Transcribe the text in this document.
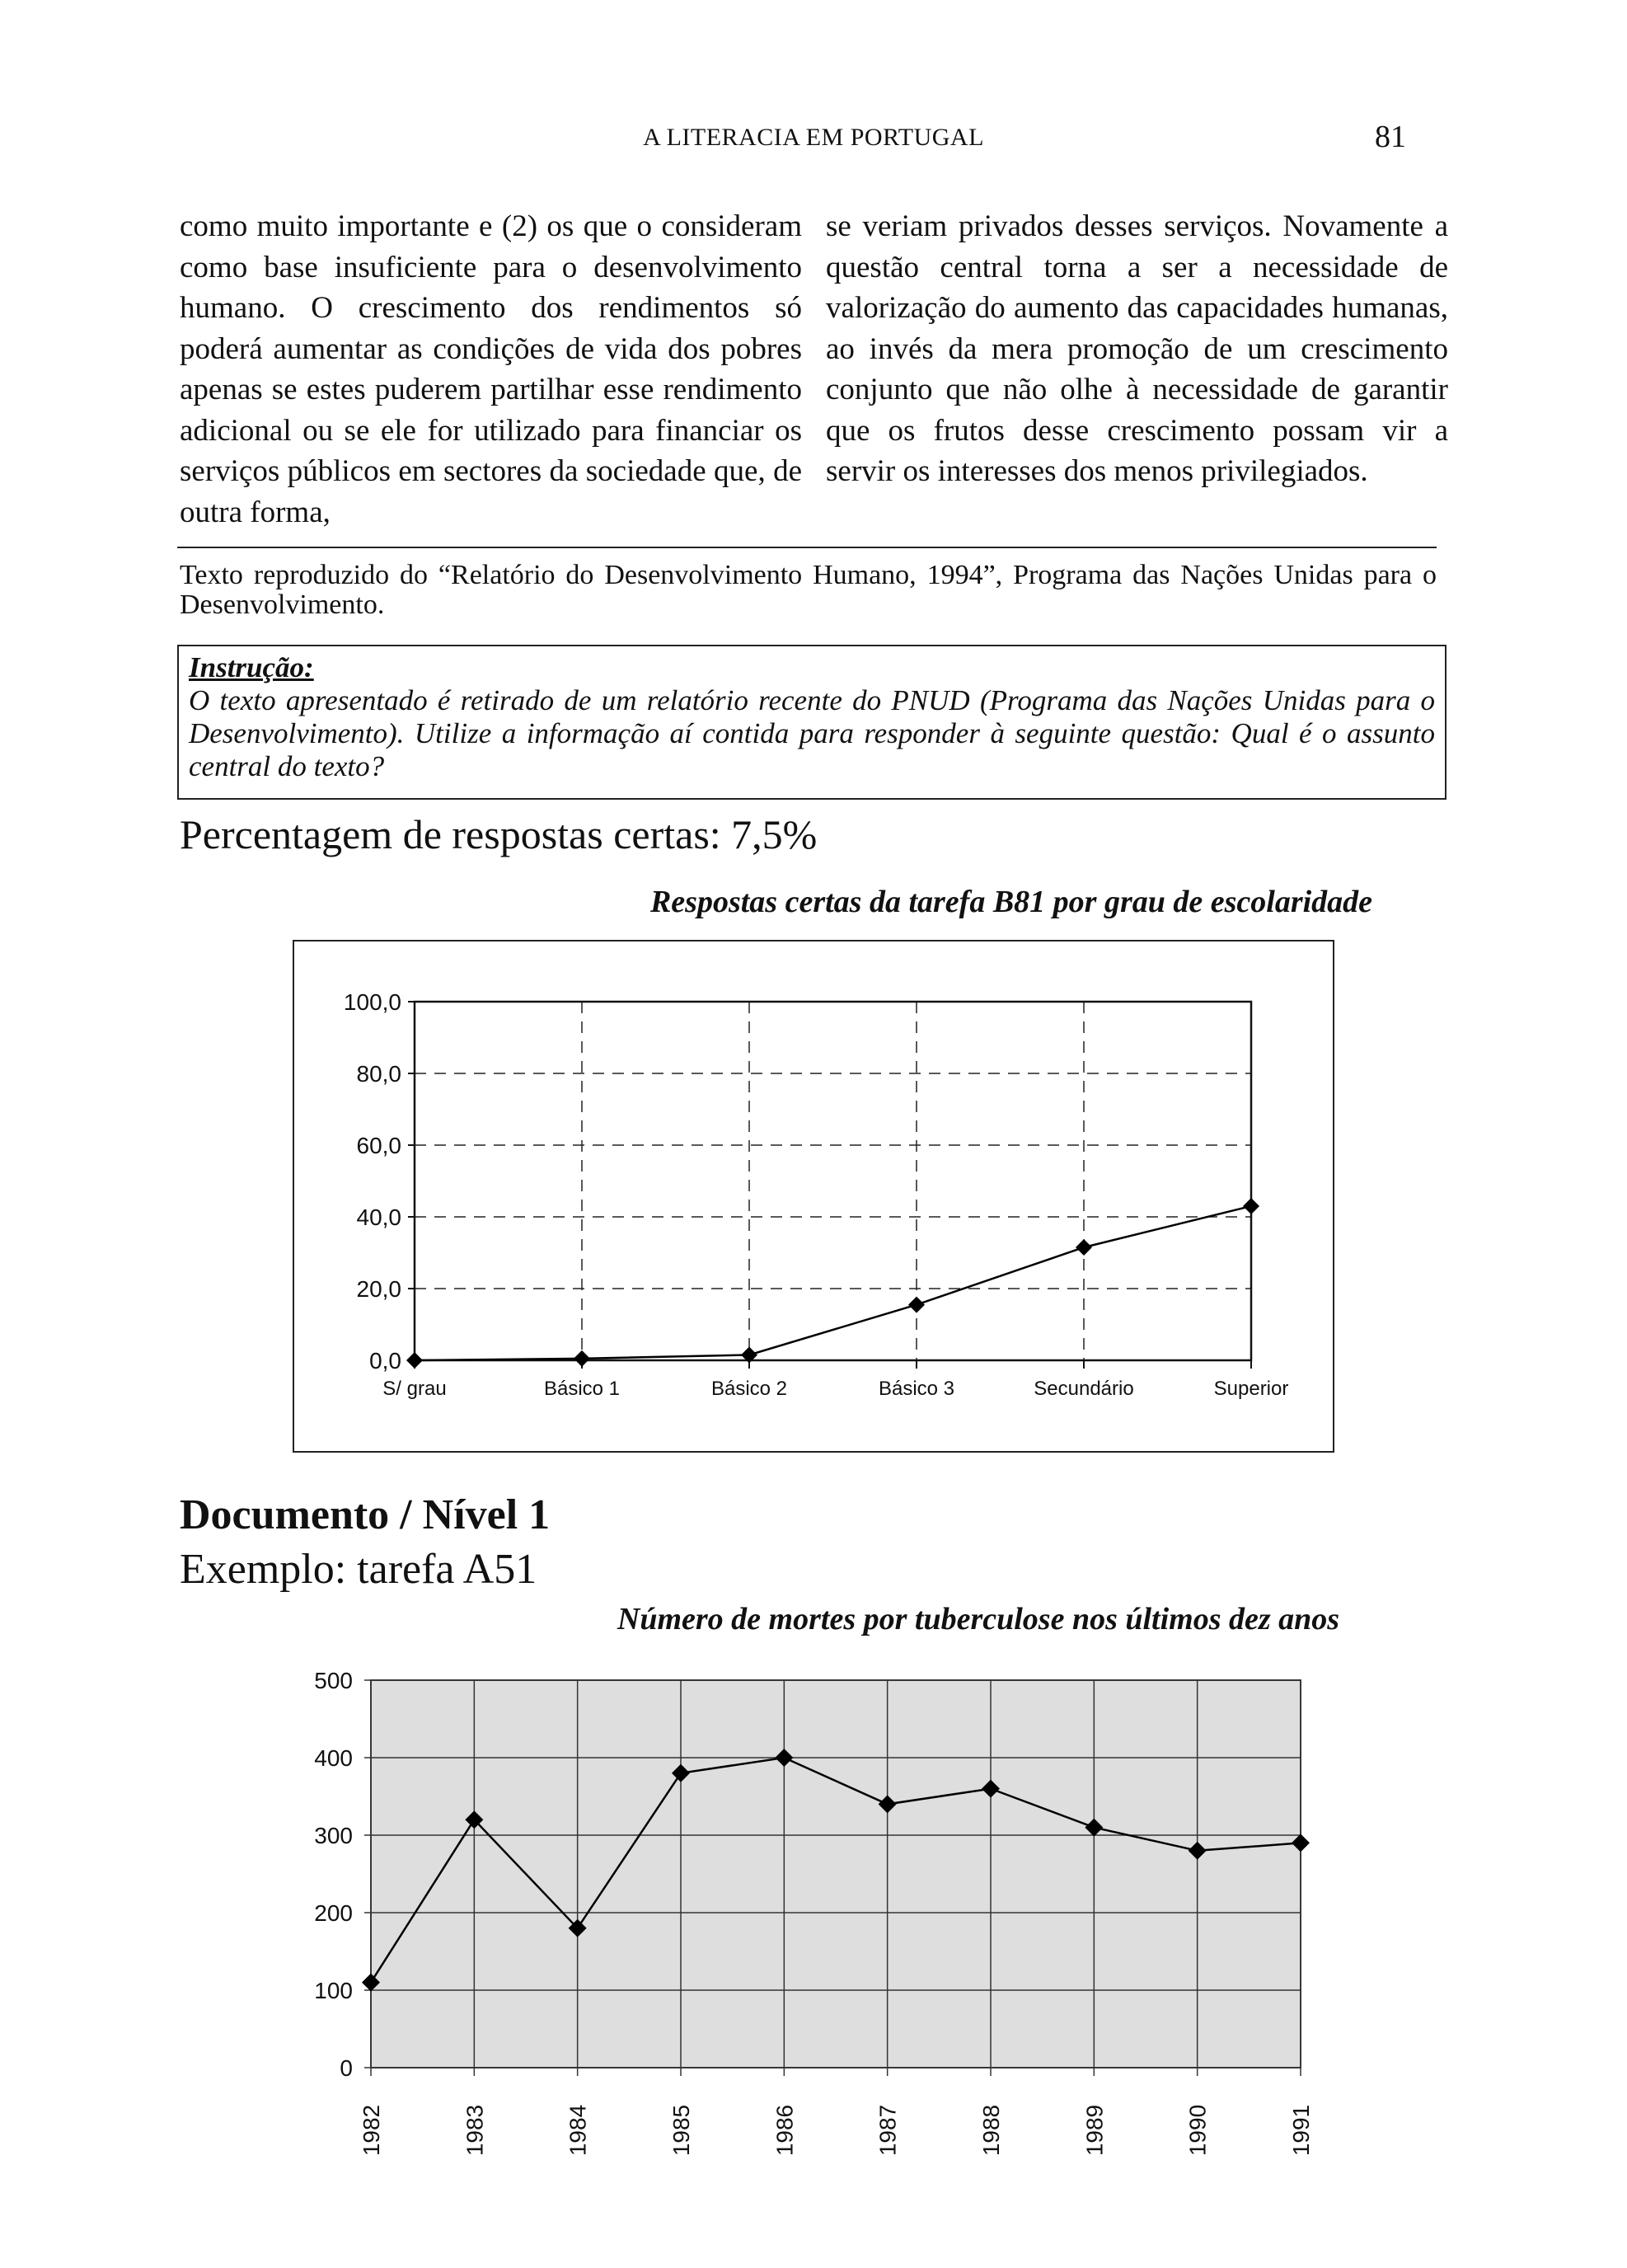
A LITERACIA EM PORTUGAL	81
como muito importante e (2) os que o consideram como base insuficiente para o desenvolvimento humano. O crescimento dos rendimentos só poderá aumentar as condições de vida dos pobres apenas se estes puderem partilhar esse rendimento adicional ou se ele for utilizado para financiar os serviços públicos em sectores da sociedade que, de outra forma,
se veriam privados desses serviços. Novamente a questão central torna a ser a necessidade de valorização do aumento das capacidades humanas, ao invés da mera promoção de um crescimento conjunto que não olhe à necessidade de garantir que os frutos desse crescimento possam vir a servir os interesses dos menos privilegiados.
Texto reproduzido do “Relatório do Desenvolvimento Humano, 1994”, Programa das Nações Unidas para o Desenvolvimento.
Instrução:
O texto apresentado é retirado de um relatório recente do PNUD (Programa das Nações Unidas para o Desenvolvimento). Utilize a informação aí contida para responder à seguinte questão: Qual é o assunto central do texto?
Percentagem de respostas certas: 7,5%
Respostas certas da tarefa B81 por grau de escolaridade
0,0
20,0
40,0
60,0
80,0
100,0
S/ grau	Básico 1	Básico 2	Básico 3	Secundário	Superior
Documento / Nível 1
Exemplo: tarefa A51
Número de mortes por tuberculose nos últimos dez anos
0
100
200
300
400
500
1982	1983	1984	1985	1986	1987	1988	1989	1990	1991
